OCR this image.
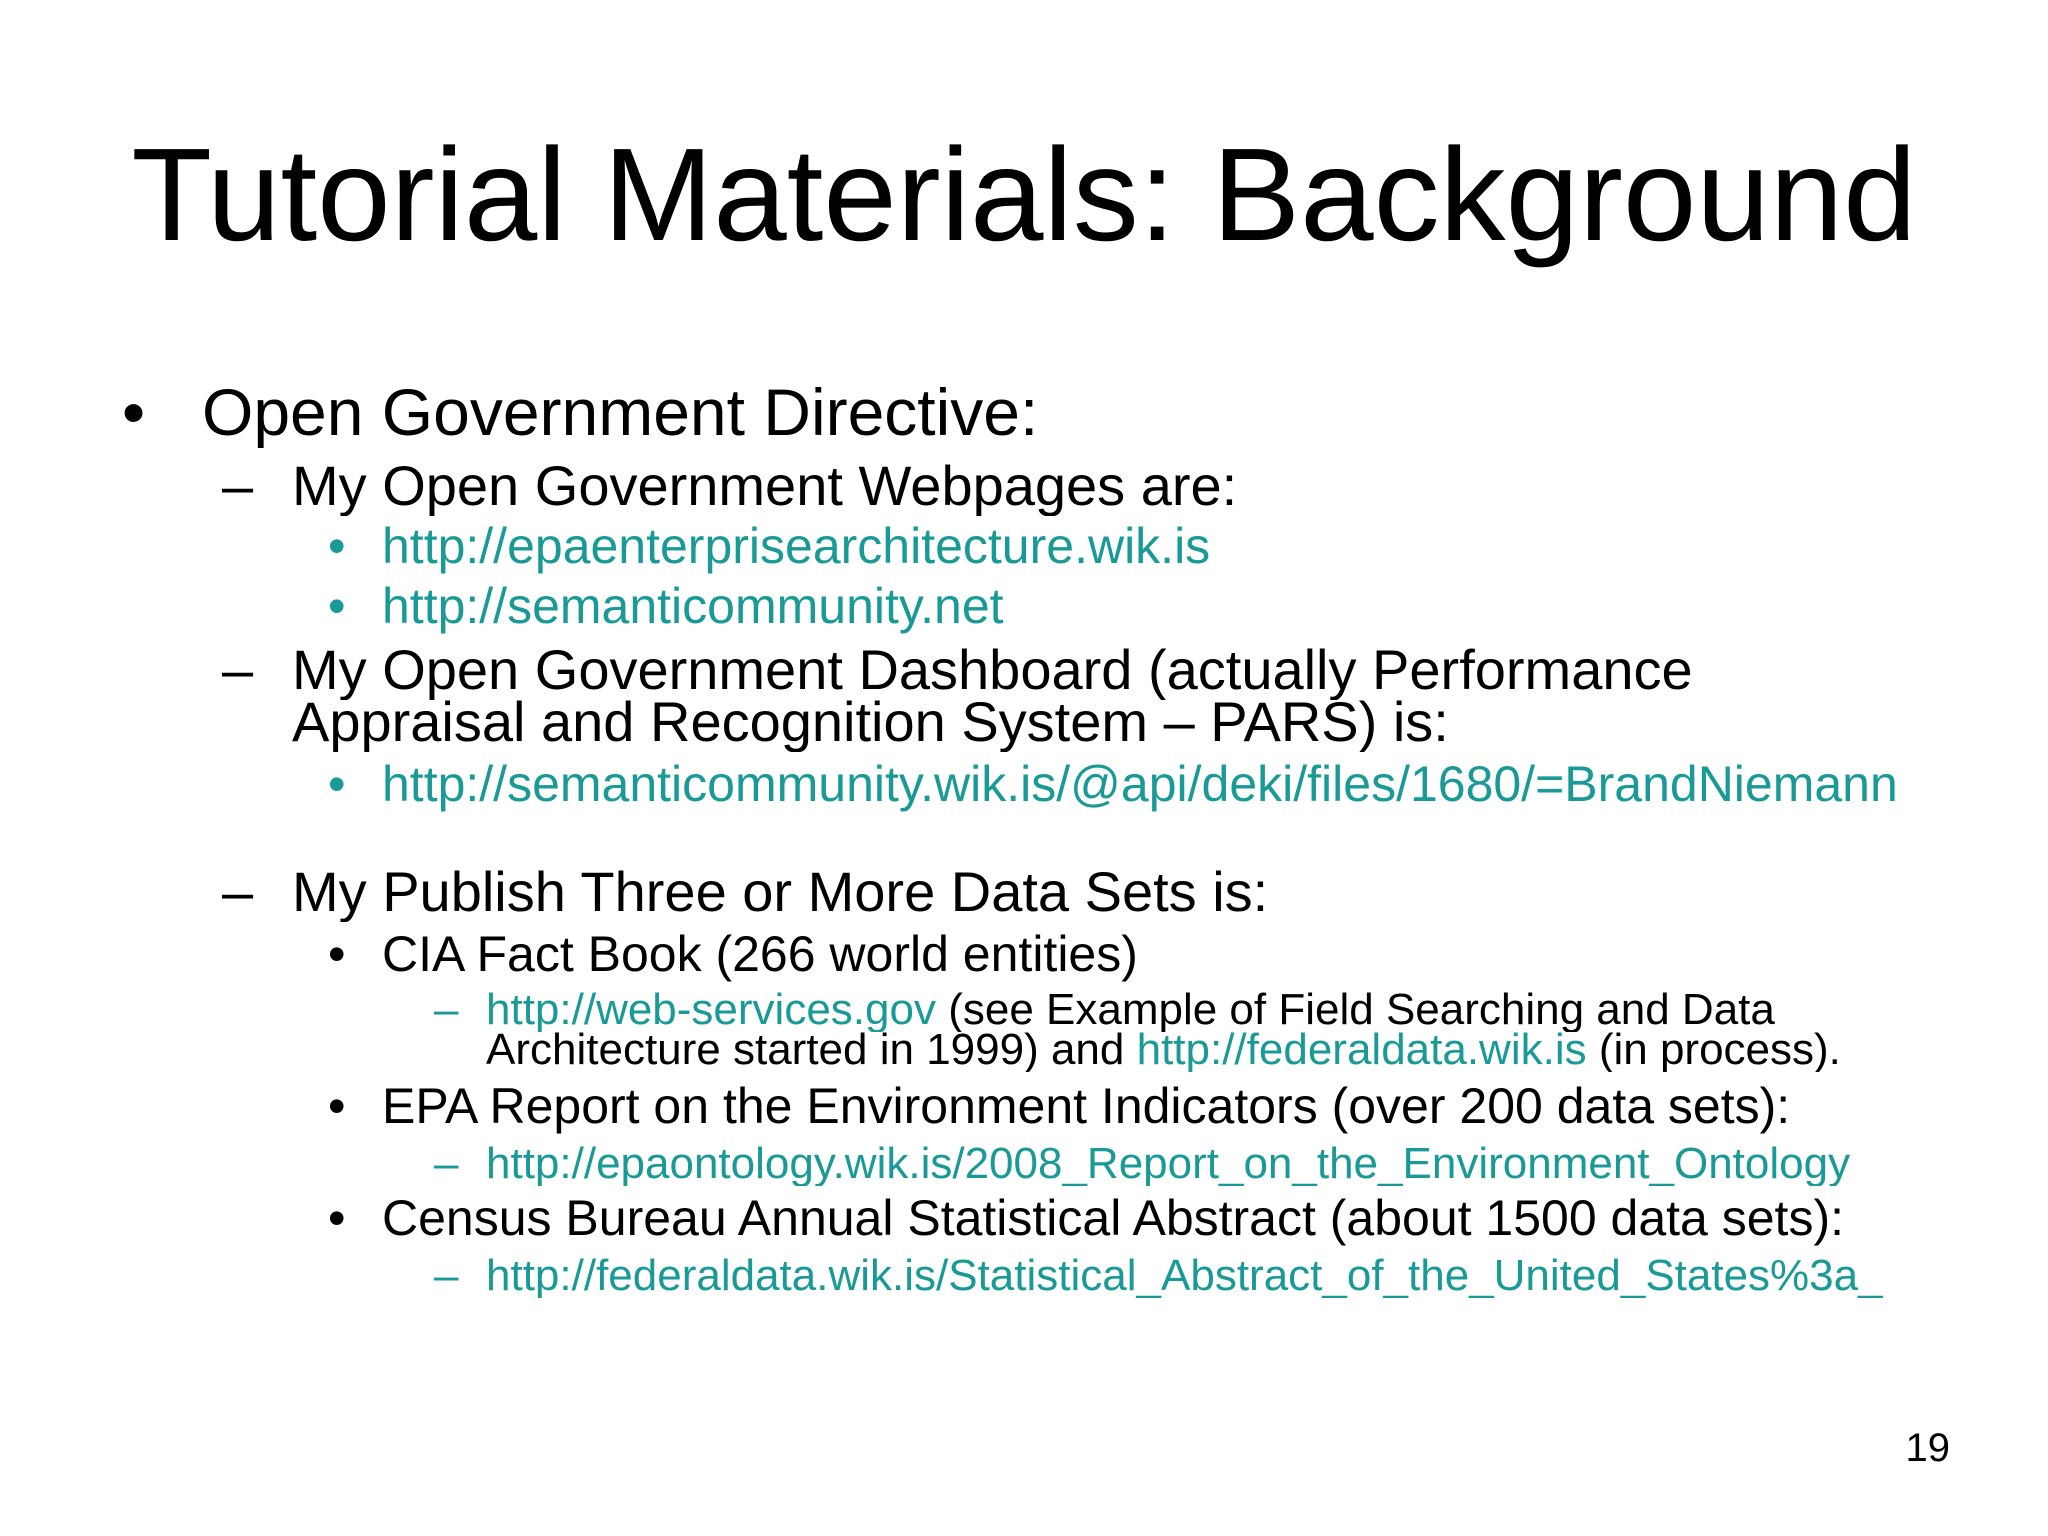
Tutorial Materials: Background
• Open Government Directive:
– My Open Government Webpages are:
• http://epaenterprisearchitecture.wik.is
• http://semanticommunity.net
– My Open Government Dashboard (actually Performance
Appraisal and Recognition System – PARS) is:
• http://semanticommunity.wik.is/@api/deki/files/1680/=BrandNiemann
– My Publish Three or More Data Sets is:
• CIA Fact Book (266 world entities)
– http://web-services.gov (see Example of Field Searching and Data
Architecture started in 1999) and http://federaldata.wik.is (in process).
• EPA Report on the Environment Indicators (over 200 data sets):
– http://epaontology.wik.is/2008_Report_on_the_Environment_Ontology
• Census Bureau Annual Statistical Abstract (about 1500 data sets):
– http://federaldata.wik.is/Statistical_Abstract_of_the_United_States%3a_
19
